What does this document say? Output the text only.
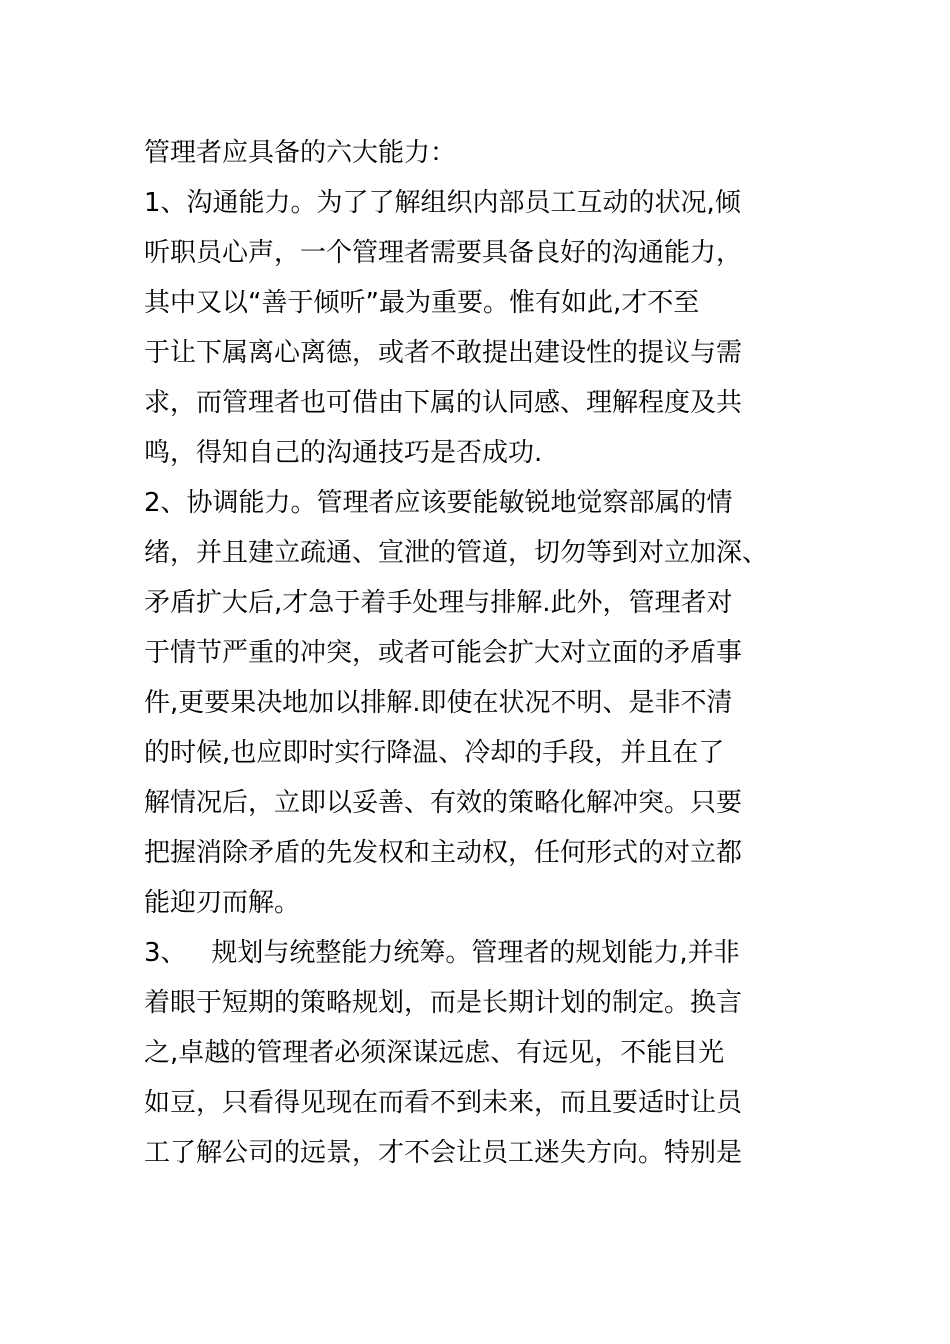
管理者应具备的六大能力：
1、沟通能力。为了了解组织内部员工互动的状况,倾
听职员心声，一个管理者需要具备良好的沟通能力，
其中又以“善于倾听”最为重要。惟有如此,才不至
于让下属离心离德，或者不敢提出建设性的提议与需
求，而管理者也可借由下属的认同感、理解程度及共
鸣，得知自己的沟通技巧是否成功.
2、协调能力。管理者应该要能敏锐地觉察部属的情
绪，并且建立疏通、宣泄的管道，切勿等到对立加深、
矛盾扩大后,才急于着手处理与排解.此外，管理者对
于情节严重的冲突，或者可能会扩大对立面的矛盾事
件,更要果决地加以排解.即使在状况不明、是非不清
的时候,也应即时实行降温、冷却的手段，并且在了
解情况后，立即以妥善、有效的策略化解冲突。只要
把握消除矛盾的先发权和主动权，任何形式的对立都
能迎刃而解。
3、   规划与统整能力统筹。管理者的规划能力,并非
着眼于短期的策略规划，而是长期计划的制定。换言
之,卓越的管理者必须深谋远虑、有远见，不能目光
如豆，只看得见现在而看不到未来，而且要适时让员
工了解公司的远景，才不会让员工迷失方向。特别是
